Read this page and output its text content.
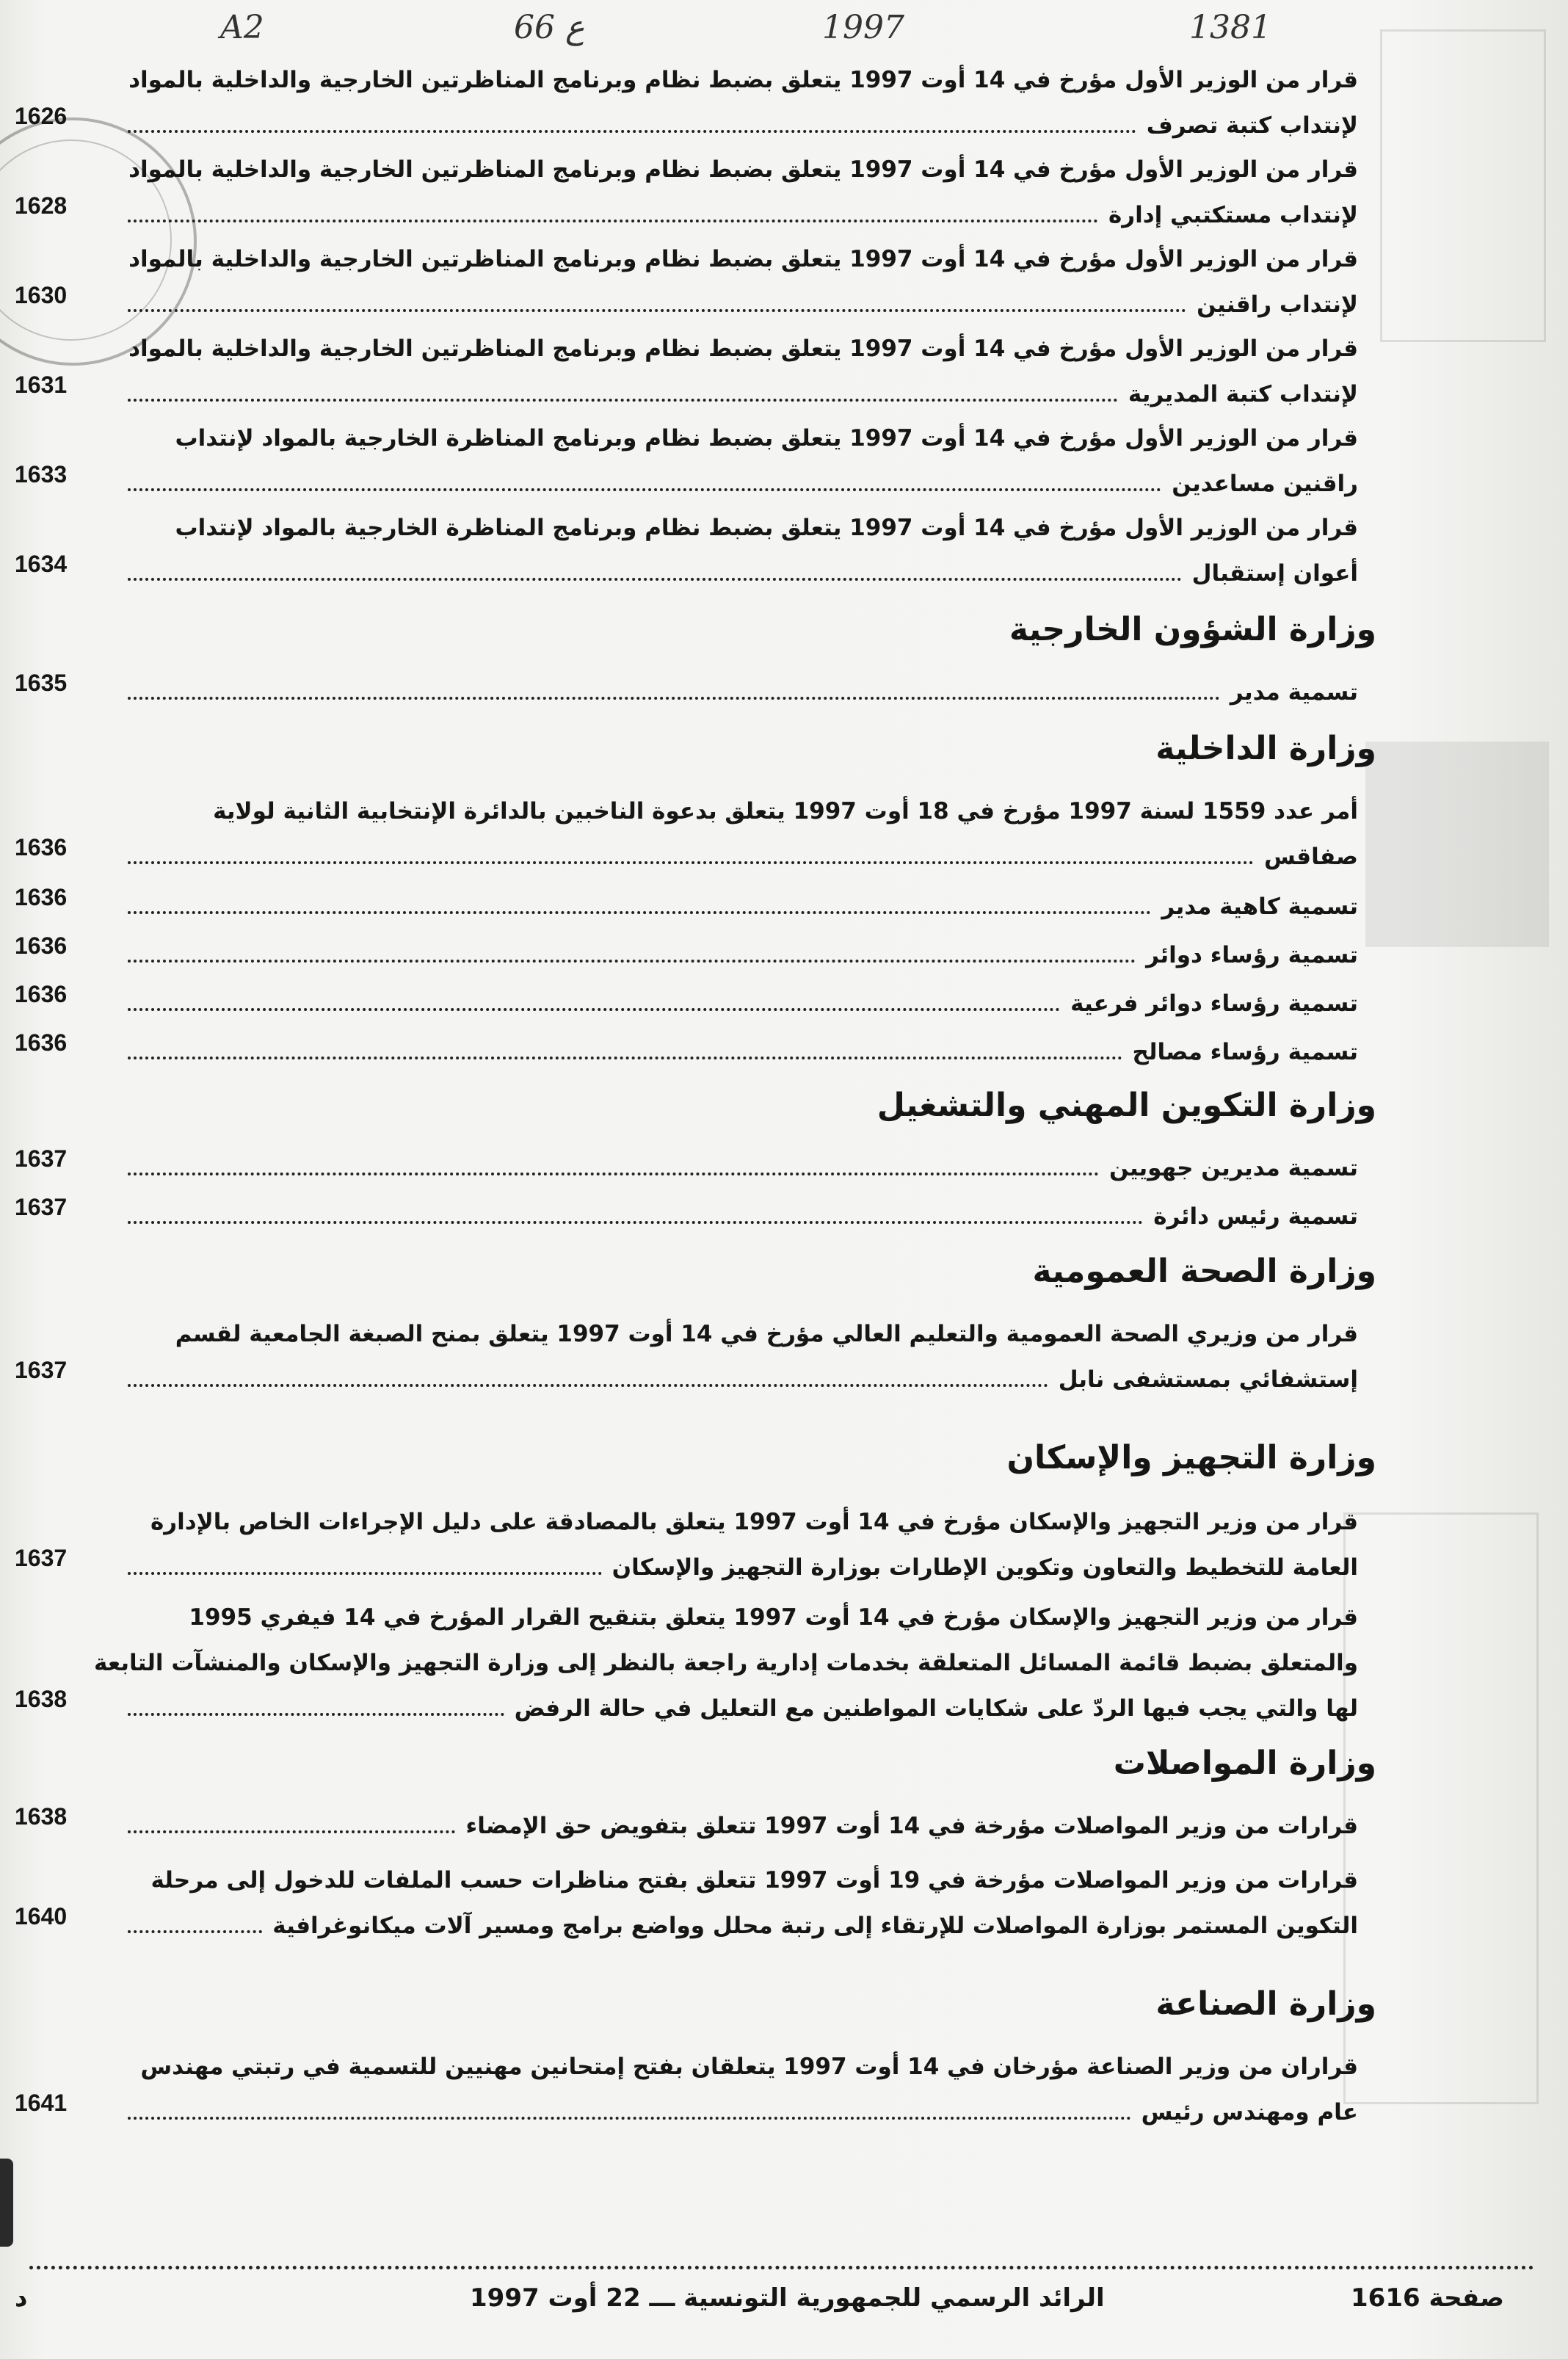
A2	66 ع	1997	1381
قرار من الوزير الأول مؤرخ في 14 أوت 1997 يتعلق بضبط نظام وبرنامج المناظرتين الخارجية والداخلية بالمواد
لإنتداب كتبة تصرف
1626
قرار من الوزير الأول مؤرخ في 14 أوت 1997 يتعلق بضبط نظام وبرنامج المناظرتين الخارجية والداخلية بالمواد
لإنتداب مستكتبي إدارة
1628
قرار من الوزير الأول مؤرخ في 14 أوت 1997 يتعلق بضبط نظام وبرنامج المناظرتين الخارجية والداخلية بالمواد
لإنتداب راقنين
1630
قرار من الوزير الأول مؤرخ في 14 أوت 1997 يتعلق بضبط نظام وبرنامج المناظرتين الخارجية والداخلية بالمواد
لإنتداب كتبة المديرية
1631
قرار من الوزير الأول مؤرخ في 14 أوت 1997 يتعلق بضبط نظام وبرنامج المناظرة الخارجية بالمواد لإنتداب
راقنين مساعدين
1633
قرار من الوزير الأول مؤرخ في 14 أوت 1997 يتعلق بضبط نظام وبرنامج المناظرة الخارجية بالمواد لإنتداب
أعوان إستقبال
1634
وزارة الشؤون الخارجية
تسمية مدير
1635
وزارة الداخلية
أمر عدد 1559 لسنة 1997 مؤرخ في 18 أوت 1997 يتعلق بدعوة الناخبين بالدائرة الإنتخابية الثانية لولاية
صفاقس
1636
تسمية كاهية مدير
1636
تسمية رؤساء دوائر
1636
تسمية رؤساء دوائر فرعية
1636
تسمية رؤساء مصالح
1636
وزارة التكوين المهني والتشغيل
تسمية مديرين جهويين
1637
تسمية رئيس دائرة
1637
وزارة الصحة العمومية
قرار من وزيري الصحة العمومية والتعليم العالي مؤرخ في 14 أوت 1997 يتعلق بمنح الصبغة الجامعية لقسم
إستشفائي بمستشفى نابل
1637
وزارة التجهيز والإسكان
قرار من وزير التجهيز والإسكان مؤرخ في 14 أوت 1997 يتعلق بالمصادقة على دليل الإجراءات الخاص بالإدارة
العامة للتخطيط والتعاون وتكوين الإطارات بوزارة التجهيز والإسكان
1637
قرار من وزير التجهيز والإسكان مؤرخ في 14 أوت 1997 يتعلق بتنقيح القرار المؤرخ في 14 فيفري 1995
والمتعلق بضبط قائمة المسائل المتعلقة بخدمات إدارية راجعة بالنظر إلى وزارة التجهيز والإسكان والمنشآت التابعة
لها والتي يجب فيها الردّ على شكايات المواطنين مع التعليل في حالة الرفض
1638
وزارة المواصلات
قرارات من وزير المواصلات مؤرخة في 14 أوت 1997 تتعلق بتفويض حق الإمضاء
1638
قرارات من وزير المواصلات مؤرخة في 19 أوت 1997 تتعلق بفتح مناظرات حسب الملفات للدخول إلى مرحلة
التكوين المستمر بوزارة المواصلات للإرتقاء إلى رتبة محلل وواضع برامج ومسير آلات ميكانوغرافية
1640
وزارة الصناعة
قراران من وزير الصناعة مؤرخان في 14 أوت 1997 يتعلقان بفتح إمتحانين مهنيين للتسمية في رتبتي مهندس
عام ومهندس رئيس
1641
د	الرائد الرسمي للجمهورية التونسية ـــ 22 أوت 1997	صفحة 1616
